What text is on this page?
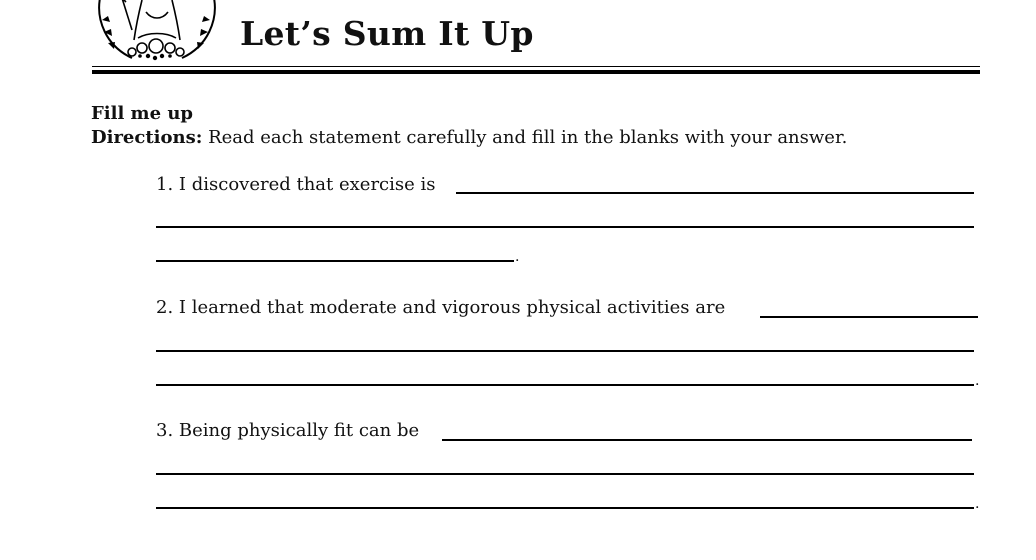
Let’s Sum It Up

Fill me up

Directions: Read each statement carefully and fill in the blanks with your answer.

1. I discovered that exercise is
.
2. I learned that moderate and vigorous physical activities are
.
3. Being physically fit can be
.
